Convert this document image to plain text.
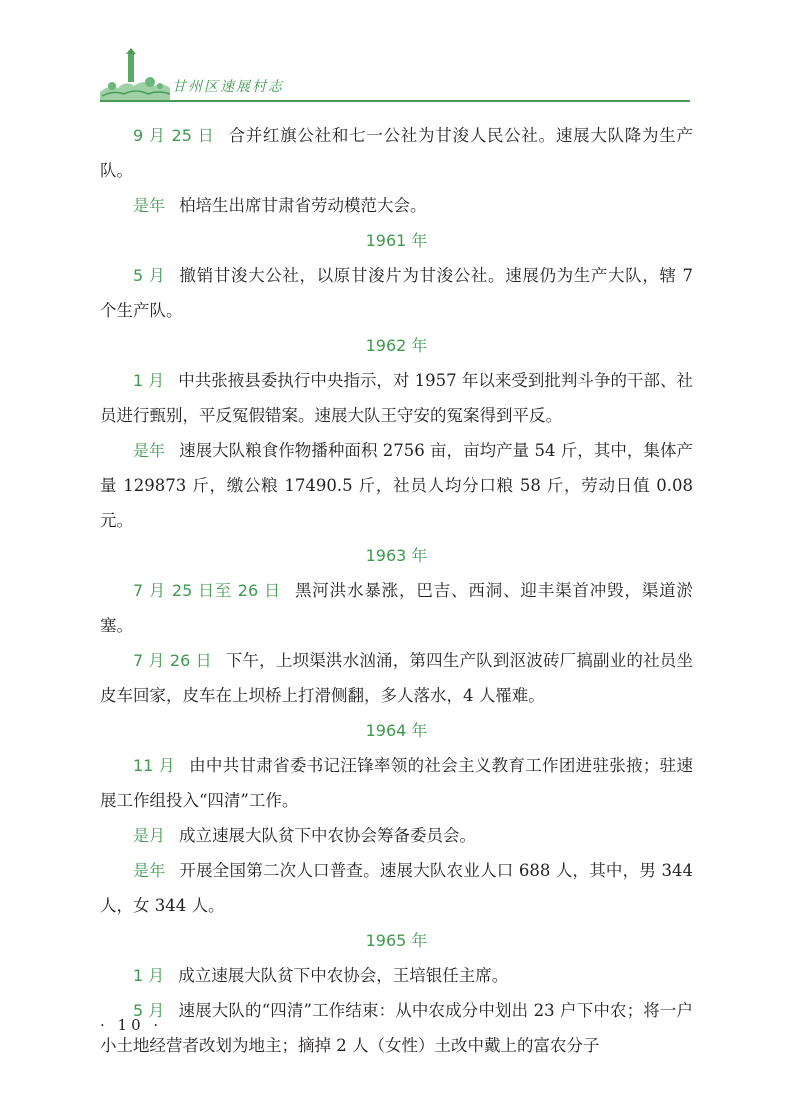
甘州区速展村志

9 月 25 日 合并红旗公社和七一公社为甘浚人民公社。速展大队降为生产队。

是年 柏培生出席甘肃省劳动模范大会。

1961 年

5 月 撤销甘浚大公社，以原甘浚片为甘浚公社。速展仍为生产大队，辖 7 个生产队。

1962 年

1 月 中共张掖县委执行中央指示，对 1957 年以来受到批判斗争的干部、社员进行甄别，平反冤假错案。速展大队王守安的冤案得到平反。

是年 速展大队粮食作物播种面积 2756 亩，亩均产量 54 斤，其中，集体产量 129873 斤，缴公粮 17490.5 斤，社员人均分口粮 58 斤，劳动日值 0.08 元。

1963 年

7 月 25 日至 26 日 黑河洪水暴涨，巴吉、西洞、迎丰渠首冲毁，渠道淤塞。

7 月 26 日 下午，上坝渠洪水汹涌，第四生产队到沤波砖厂搞副业的社员坐皮车回家，皮车在上坝桥上打滑侧翻，多人落水，4 人罹难。

1964 年

11 月 由中共甘肃省委书记汪锋率领的社会主义教育工作团进驻张掖；驻速展工作组投入“四清”工作。

是月 成立速展大队贫下中农协会筹备委员会。

是年 开展全国第二次人口普查。速展大队农业人口 688 人，其中，男 344 人，女 344 人。

1965 年

1 月 成立速展大队贫下中农协会，王培银任主席。

5 月 速展大队的“四清”工作结束：从中农成分中划出 23 户下中农；将一户小土地经营者改划为地主；摘掉 2 人（女性）土改中戴上的富农分子

· 10 ·
